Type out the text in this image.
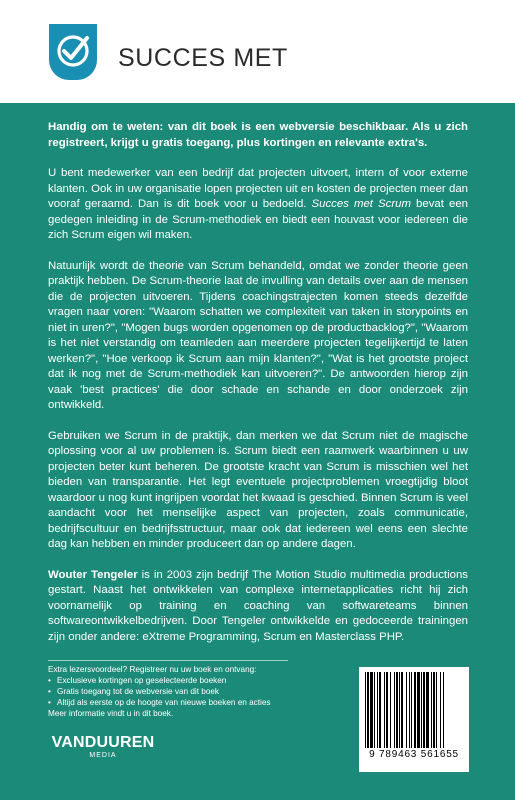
SUCCES MET

Handig om te weten: van dit boek is een webversie beschikbaar. Als u zich registreert, krijgt u gratis toegang, plus kortingen en relevante extra's.

U bent medewerker van een bedrijf dat projecten uitvoert, intern of voor externe klanten. Ook in uw organisatie lopen projecten uit en kosten de projecten meer dan vooraf geraamd. Dan is dit boek voor u bedoeld. Succes met Scrum bevat een gedegen inleiding in de Scrum-methodiek en biedt een houvast voor iedereen die zich Scrum eigen wil maken.

Natuurlijk wordt de theorie van Scrum behandeld, omdat we zonder theorie geen praktijk hebben. De Scrum-theorie laat de invulling van details over aan de mensen die de projecten uitvoeren. Tijdens coachingstrajecten komen steeds dezelfde vragen naar voren: "Waarom schatten we complexiteit van taken in storypoints en niet in uren?", "Mogen bugs worden opgenomen op de productbacklog?", "Waarom is het niet verstandig om teamleden aan meerdere projecten tegelijkertijd te laten werken?", "Hoe verkoop ik Scrum aan mijn klanten?", "Wat is het grootste project dat ik nog met de Scrum-methodiek kan uitvoeren?". De antwoorden hierop zijn vaak 'best practices' die door schade en schande en door onderzoek zijn ontwikkeld.

Gebruiken we Scrum in de praktijk, dan merken we dat Scrum niet de magische oplossing voor al uw problemen is. Scrum biedt een raamwerk waarbinnen u uw projecten beter kunt beheren. De grootste kracht van Scrum is misschien wel het bieden van transparantie. Het legt eventuele projectproblemen vroegtijdig bloot waardoor u nog kunt ingrijpen voordat het kwaad is geschied. Binnen Scrum is veel aandacht voor het menselijke aspect van projecten, zoals communicatie, bedrijfscultuur en bedrijfsstructuur, maar ook dat iedereen wel eens een slechte dag kan hebben en minder produceert dan op andere dagen.

Wouter Tengeler is in 2003 zijn bedrijf The Motion Studio multimedia productions gestart. Naast het ontwikkelen van complexe internetapplicaties richt hij zich voornamelijk op training en coaching van softwareteams binnen softwareontwikkelbedrijven. Door Tengeler ontwikkelde en gedoceerde trainingen zijn onder andere: eXtreme Programming, Scrum en Masterclass PHP.

Extra lezersvoordeel? Registreer nu uw boek en ontvang:
• Exclusieve kortingen op geselecteerde boeken
• Gratis toegang tot de webversie van dit boek
• Altijd als eerste op de hoogte van nieuwe boeken en acties
Meer informatie vindt u in dit boek.
VANDUUREN
MEDIA	9 789463 561655
